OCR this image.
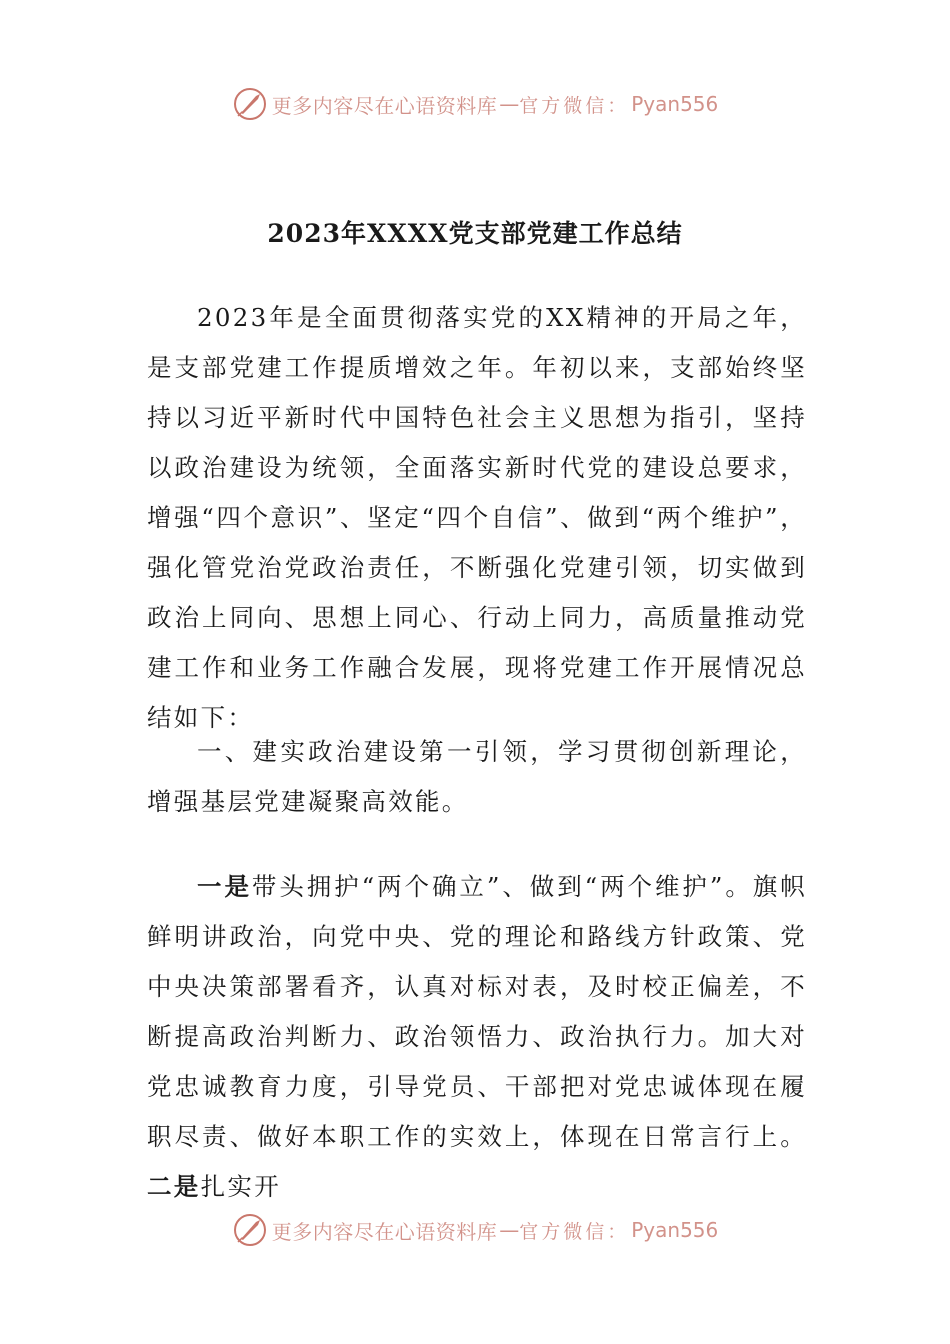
更多内容尽在心语资料库 — 官方微信： Pyan556
2023年XXXX党支部党建工作总结

2023年是全面贯彻落实党的XX精神的开局之年，是支部党建工作提质增效之年。年初以来，支部始终坚持以习近平新时代中国特色社会主义思想为指引，坚持以政治建设为统领，全面落实新时代党的建设总要求，增强“四个意识”、坚定“四个自信”、做到“两个维护”，强化管党治党政治责任，不断强化党建引领，切实做到政治上同向、思想上同心、行动上同力，高质量推动党建工作和业务工作融合发展，现将党建工作开展情况总结如下：

一、建实政治建设第一引领，学习贯彻创新理论，增强基层党建凝聚高效能。

一是带头拥护“两个确立”、做到“两个维护”。旗帜鲜明讲政治，向党中央、党的理论和路线方针政策、党中央决策部署看齐，认真对标对表，及时校正偏差，不断提高政治判断力、政治领悟力、政治执行力。加大对党忠诚教育力度，引导党员、干部把对党忠诚体现在履职尽责、做好本职工作的实效上，体现在日常言行上。二是扎实开

更多内容尽在心语资料库 — 官方微信： Pyan556
